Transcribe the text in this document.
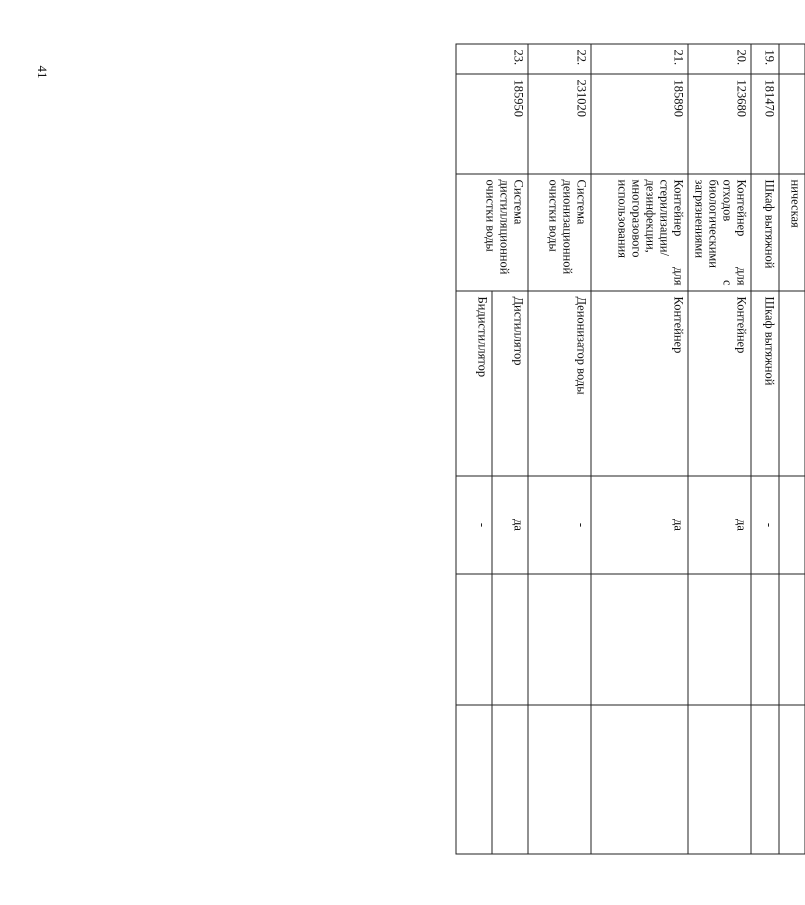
41
		ническая				
19.	181470	Шкаф вытяжной	Шкаф вытяжной	-		
20.	123680	Контейнер для отходов с биологическими загрязнениями	Контейнер	да		
21.	185890	Контейнер для стерилизации/дезинфекции, многоразового использования	Контейнер	да		
22.	231020	Система деионизационной очистки воды	Деионизатор воды	-		
23.	185950	Система дистилляционной очистки воды	Дистиллятор	да		
			Бидистиллятор	-		
